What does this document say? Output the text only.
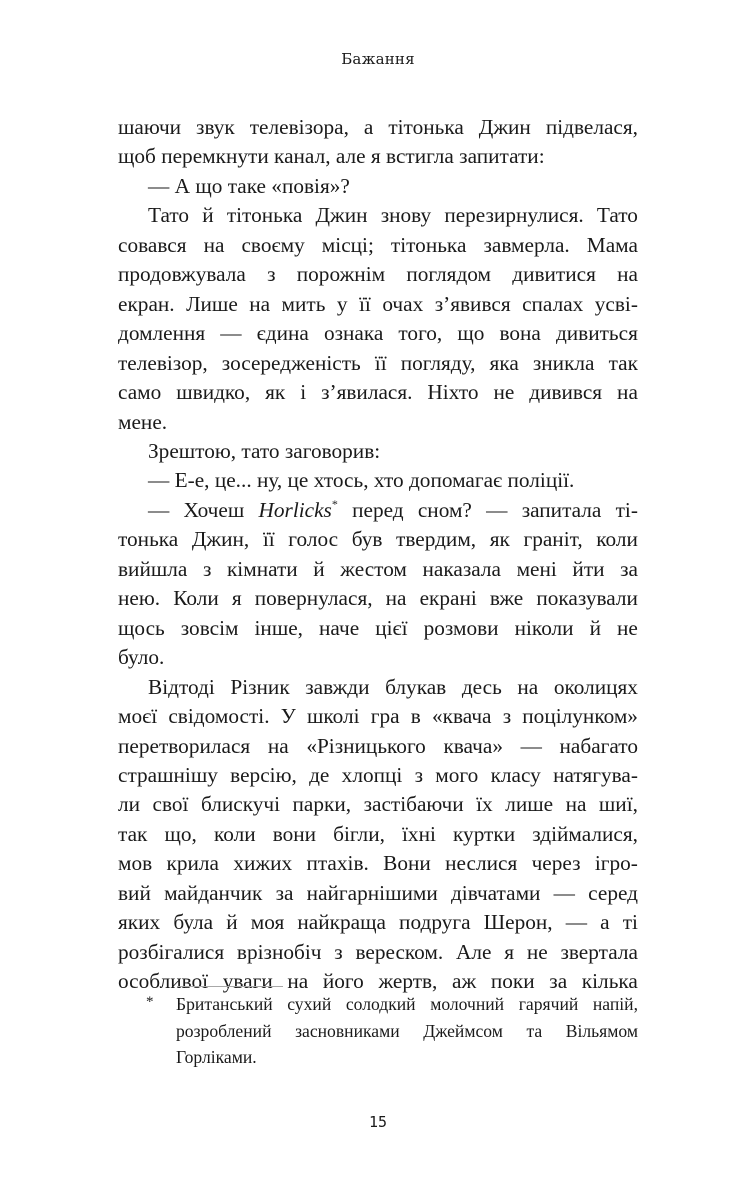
Бажання
шаючи звук телевізора, а тітонька Джин підвелася,
щоб перемкнути канал, але я встигла запитати:
— А що таке «повія»?
Тато й тітонька Джин знову перезирнулися. Тато
совався на своєму місці; тітонька завмерла. Мама
продовжувала з порожнім поглядом дивитися на
екран. Лише на мить у її очах з’явився спалах усві-
домлення — єдина ознака того, що вона дивиться
телевізор, зосередженість її погляду, яка зникла так
само швидко, як і з’явилася. Ніхто не дивився на
мене.
Зрештою, тато заговорив:
— Е-е, це... ну, це хтось, хто допомагає поліції.
— Хочеш Horlicks* перед сном? — запитала ті-
тонька Джин, її голос був твердим, як граніт, коли
вийшла з кімнати й жестом наказала мені йти за
нею. Коли я повернулася, на екрані вже показували
щось зовсім інше, наче цієї розмови ніколи й не
було.
Відтоді Різник завжди блукав десь на околицях
моєї свідомості. У школі гра в «квача з поцілунком»
перетворилася на «Різницького квача» — набагато
страшнішу версію, де хлопці з мого класу натягува-
ли свої блискучі парки, застібаючи їх лише на шиї,
так що, коли вони бігли, їхні куртки здіймалися,
мов крила хижих птахів. Вони неслися через ігро-
вий майданчик за найгарнішими дівчатами — серед
яких була й моя найкраща подруга Шерон, — а ті
розбігалися врізнобіч з вереском. Але я не звертала
особливої уваги на його жертв, аж поки за кілька
* Британський сухий солодкий молочний гарячий напій,
розроблений засновниками Джеймсом та Вільямом
Горліками.
15
